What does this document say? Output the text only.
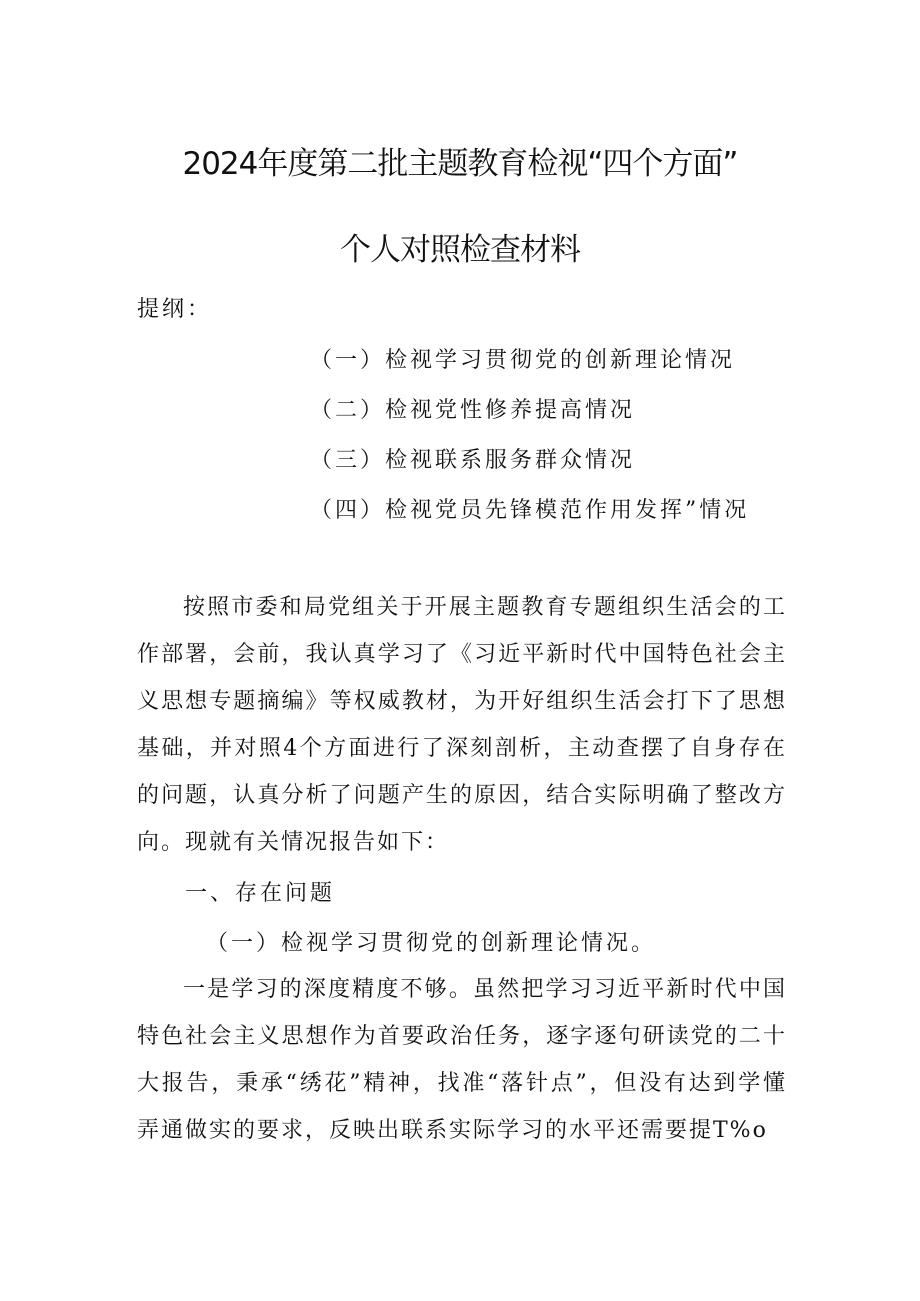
2024年度第二批主题教育检视“四个方面”
个人对照检查材料
提纲：
（一）检视学习贯彻党的创新理论情况
（二）检视党性修养提高情况
（三）检视联系服务群众情况
（四）检视党员先锋模范作用发挥”情况
按照市委和局党组关于开展主题教育专题组织生活会的工作部署，会前，我认真学习了《习近平新时代中国特色社会主义思想专题摘编》等权威教材，为开好组织生活会打下了思想基础，并对照4个方面进行了深刻剖析，主动查摆了自身存在的问题，认真分析了问题产生的原因，结合实际明确了整改方向。现就有关情况报告如下：
一、存在问题
（一）检视学习贯彻党的创新理论情况。
一是学习的深度精度不够。虽然把学习习近平新时代中国特色社会主义思想作为首要政治任务，逐字逐句研读党的二十大报告，秉承“绣花”精神，找准“落针点”，但没有达到学懂弄通做实的要求，反映出联系实际学习的水平还需要提T%o
